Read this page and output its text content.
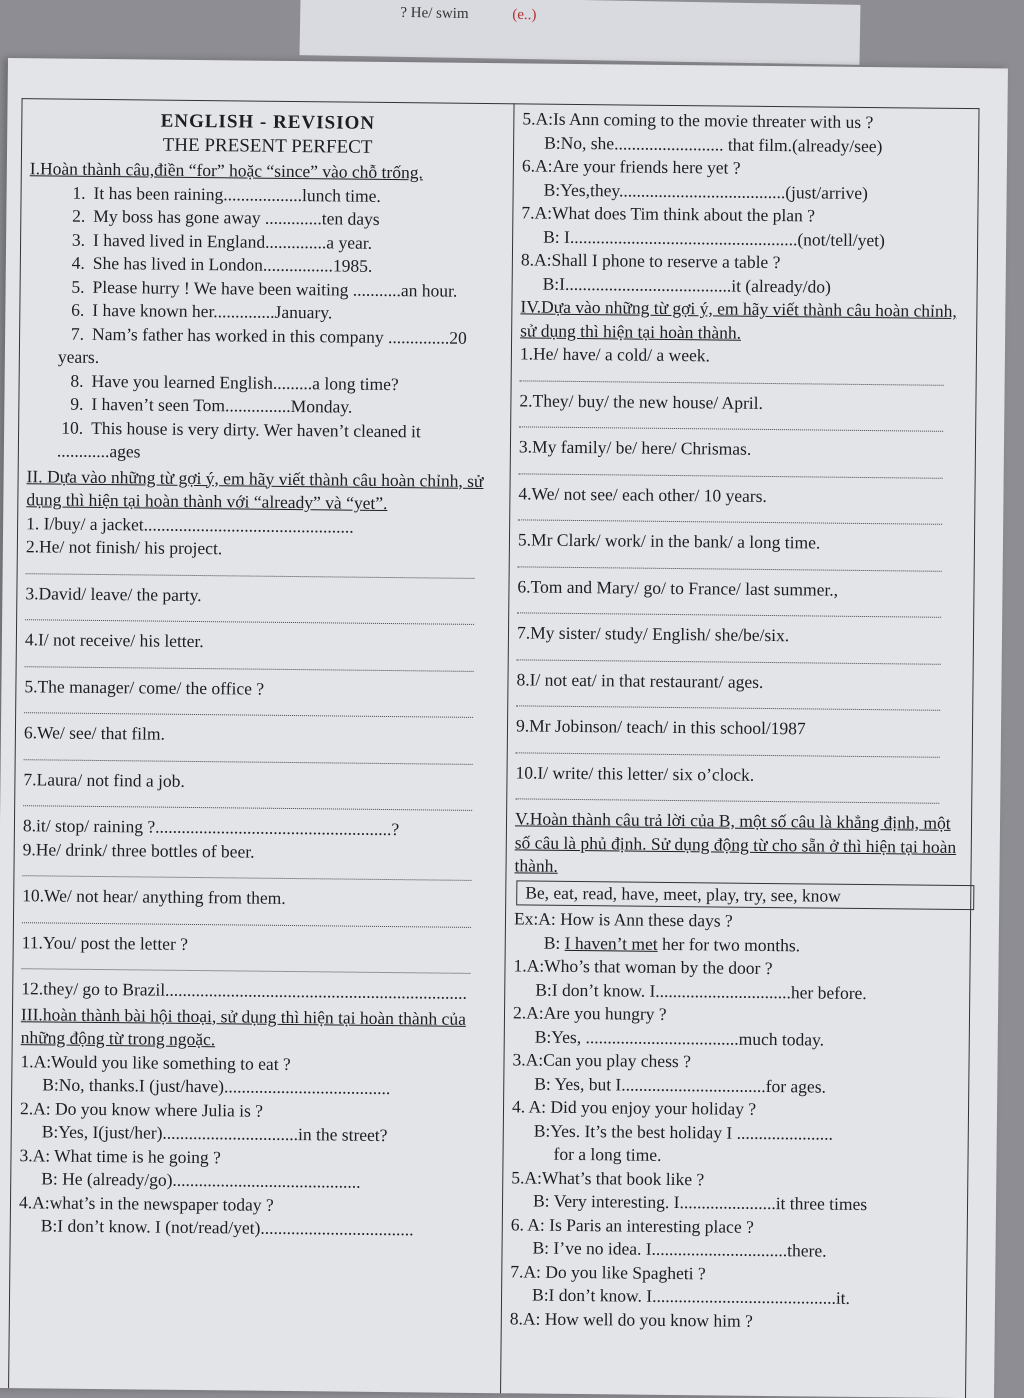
? He/ swim	(e..)
ENGLISH - REVISION
THE PRESENT PERFECT

I.Hoàn thành câu,điền “for” hoặc “since” vào chỗ trống.

1. It has been raining..................lunch time.

2. My boss has gone away .............ten days

3. I haved lived in England..............a year.

4. She has lived in London................1985.

5. Please hurry ! We have been waiting ...........an hour.

6. I have known her..............January.

7. Nam’s father has worked in this company ..............20 years.

8. Have you learned English.........a long time?

9. I haven’t seen Tom...............Monday.

10. This house is very dirty. Wer haven’t cleaned it ............ages

II. Dựa vào những từ gợi ý, em hãy viết thành câu hoàn chỉnh, sử dụng thì hiện tại hoàn thành với “already” và “yet”.

1. I/buy/ a jacket................................................

2.He/ not finish/ his project.

3.David/ leave/ the party.

4.I/ not receive/ his letter.

5.The manager/ come/ the office ?

6.We/ see/ that film.

7.Laura/ not find a job.

8.it/ stop/ raining ?......................................................?

9.He/ drink/ three bottles of beer.

10.We/ not hear/ anything from them.

11.You/ post the letter ?

12.they/ go to Brazil.....................................................................

III.hoàn thành bài hội thoại, sử dụng thì hiện tại hoàn thành của những động từ trong ngoặc.

1.A:Would you like something to eat ?

B:No, thanks.I (just/have)......................................

2.A: Do you know where Julia is ?

B:Yes, I(just/her)...............................in the street?

3.A: What time is he going ?

B: He (already/go)...........................................

4.A:what’s in the newspaper today ?

B:I don’t know. I (not/read/yet)...................................

5.A:Is Ann coming to the movie threater with us ?

B:No, she......................... that film.(already/see)

6.A:Are your friends here yet ?

B:Yes,they......................................(just/arrive)

7.A:What does Tim think about the plan ?

B: I....................................................(not/tell/yet)

8.A:Shall I phone to reserve a table ?

B:I......................................it (already/do)

IV.Dựa vào những từ gợi ý, em hãy viết thành câu hoàn chỉnh, sử dụng thì hiện tại hoàn thành.

1.He/ have/ a cold/ a week.

2.They/ buy/ the new house/ April.

3.My family/ be/ here/ Chrismas.

4.We/ not see/ each other/ 10 years.

5.Mr Clark/ work/ in the bank/ a long time.

6.Tom and Mary/ go/ to France/ last summer.,

7.My sister/ study/ English/ she/be/six.

8.I/ not eat/ in that restaurant/ ages.

9.Mr Jobinson/ teach/ in this school/1987

10.I/ write/ this letter/ six o’clock.

V.Hoàn thành câu trả lời của B, một số câu là khẳng định, một số câu là phủ định. Sử dụng động từ cho sẵn ở thì hiện tại hoàn thành.

Be, eat, read, have, meet, play, try, see, know

Ex:A: How is Ann these days ?

B: I haven’t met her for two months.

1.A:Who’s that woman by the door ?

B:I don’t know. I...............................her before.

2.A:Are you hungry ?

B:Yes, ...................................much today.

3.A:Can you play chess ?

B: Yes, but I.................................for ages.

4. A: Did you enjoy your holiday ?

B:Yes. It’s the best holiday I ......................

for a long time.

5.A:What’s that book like ?

B: Very interesting. I......................it three times

6. A: Is Paris an interesting place ?

B: I’ve no idea. I...............................there.

7.A: Do you like Spagheti ?

B:I don’t know. I..........................................it.

8.A: How well do you know him ?
